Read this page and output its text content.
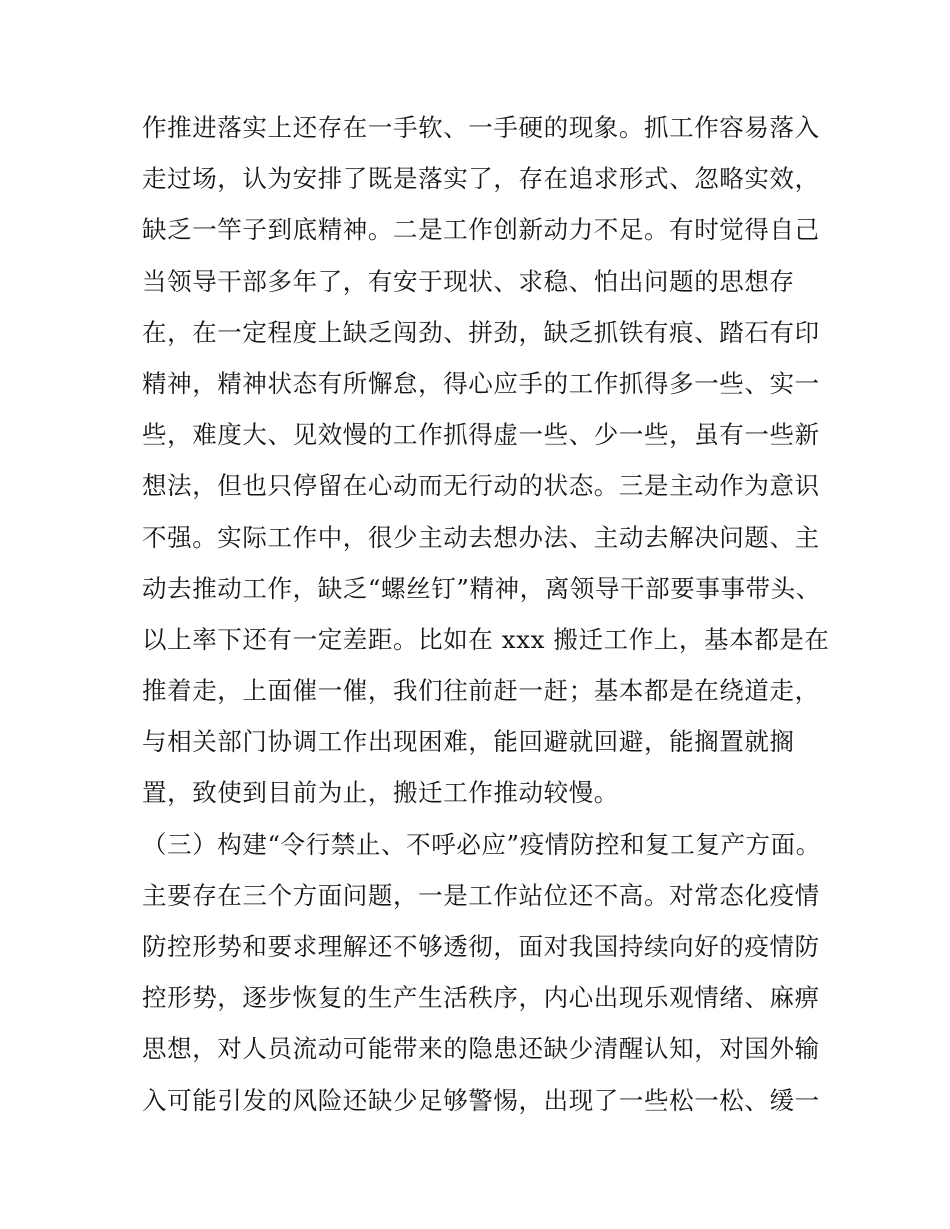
作推进落实上还存在一手软、一手硬的现象。抓工作容易落入
走过场，认为安排了既是落实了，存在追求形式、忽略实效，
缺乏一竿子到底精神。二是工作创新动力不足。有时觉得自己
当领导干部多年了，有安于现状、求稳、怕出问题的思想存
在，在一定程度上缺乏闯劲、拼劲，缺乏抓铁有痕、踏石有印
精神，精神状态有所懈怠，得心应手的工作抓得多一些、实一
些，难度大、见效慢的工作抓得虚一些、少一些，虽有一些新
想法，但也只停留在心动而无行动的状态。三是主动作为意识
不强。实际工作中，很少主动去想办法、主动去解决问题、主
动去推动工作，缺乏“螺丝钉”精神，离领导干部要事事带头、
以上率下还有一定差距。比如在 xxx 搬迁工作上，基本都是在
推着走，上面催一催，我们往前赶一赶；基本都是在绕道走，
与相关部门协调工作出现困难，能回避就回避，能搁置就搁
置，致使到目前为止，搬迁工作推动较慢。
（三）构建“令行禁止、不呼必应”疫情防控和复工复产方面。
主要存在三个方面问题，一是工作站位还不高。对常态化疫情
防控形势和要求理解还不够透彻，面对我国持续向好的疫情防
控形势，逐步恢复的生产生活秩序，内心出现乐观情绪、麻痹
思想，对人员流动可能带来的隐患还缺少清醒认知，对国外输
入可能引发的风险还缺少足够警惕，出现了一些松一松、缓一
